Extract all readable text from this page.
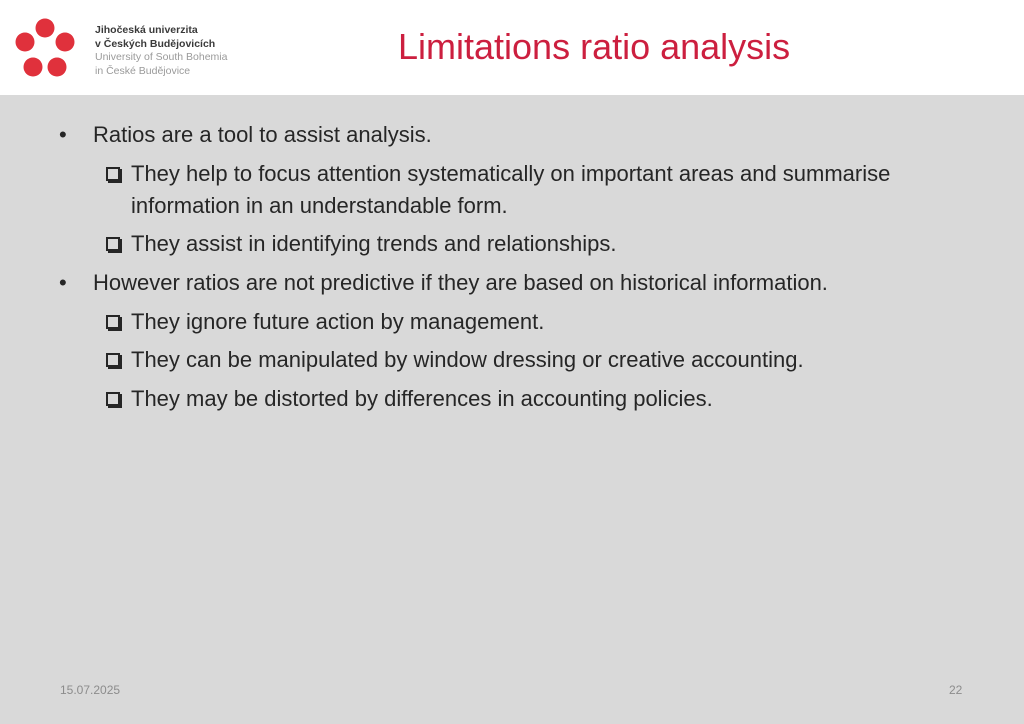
Jihočeská univerzita
v Českých Budějovicích
University of South Bohemia
in České Budějovice
Limitations ratio analysis
• Ratios are a tool to assist analysis.
They help to focus attention systematically on important areas and summarise information in an understandable form.
They assist in identifying trends and relationships.
• However ratios are not predictive if they are based on historical information.
They ignore future action by management.
They can be manipulated by window dressing or creative accounting.
They may be distorted by differences in accounting policies.
15.07.2025	22
